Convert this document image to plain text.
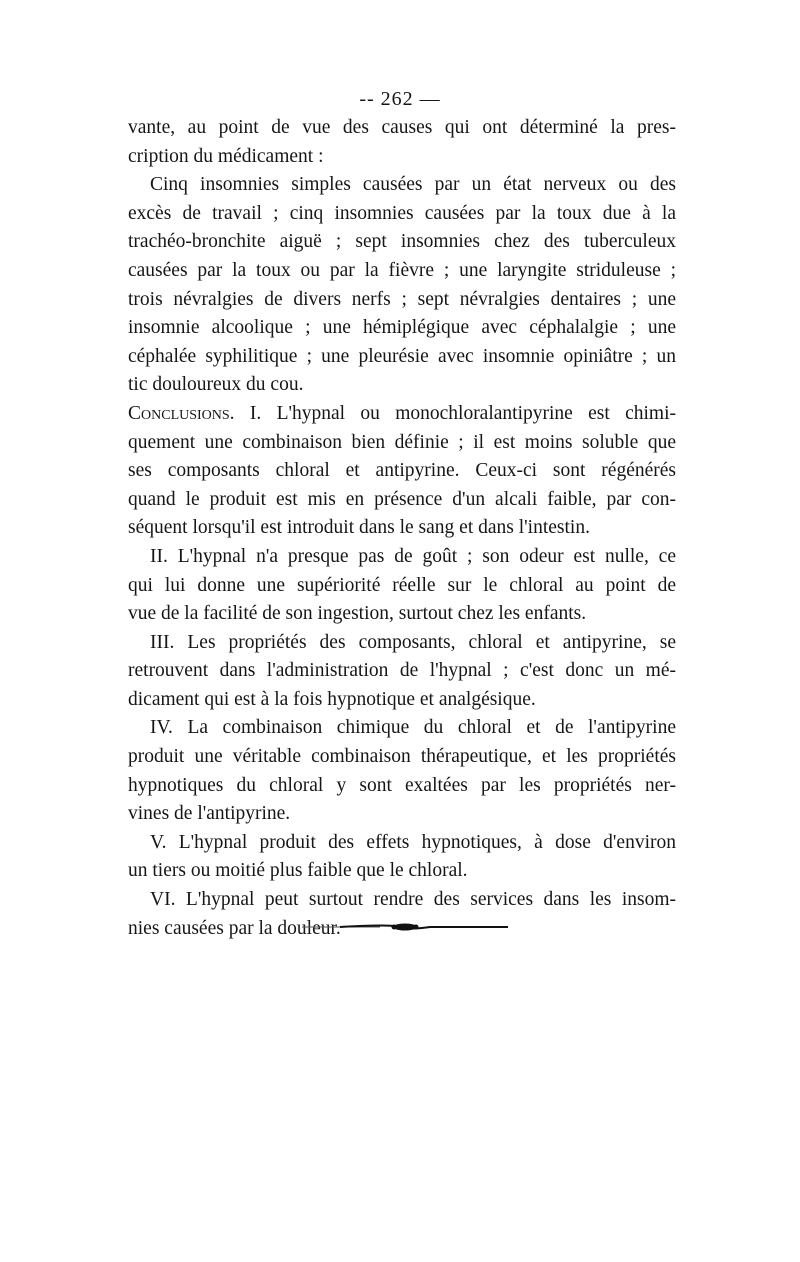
-- 262 —
vante, au point de vue des causes qui ont déterminé la pres-
cription du médicament :
Cinq insomnies simples causées par un état nerveux ou des
excès de travail ; cinq insomnies causées par la toux due à la
trachéo-bronchite aiguë ; sept insomnies chez des tuberculeux
causées par la toux ou par la fièvre ; une laryngite striduleuse ;
trois névralgies de divers nerfs ; sept névralgies dentaires ; une
insomnie alcoolique ; une hémiplégique avec céphalalgie ; une
céphalée syphilitique ; une pleurésie avec insomnie opiniâtre ; un
tic douloureux du cou.
Conclusions. I. L'hypnal ou monochloralantipyrine est chimi-
quement une combinaison bien définie ; il est moins soluble que
ses composants chloral et antipyrine. Ceux-ci sont régénérés
quand le produit est mis en présence d'un alcali faible, par con-
séquent lorsqu'il est introduit dans le sang et dans l'intestin.
II. L'hypnal n'a presque pas de goût ; son odeur est nulle, ce
qui lui donne une supériorité réelle sur le chloral au point de
vue de la facilité de son ingestion, surtout chez les enfants.
III. Les propriétés des composants, chloral et antipyrine, se
retrouvent dans l'administration de l'hypnal ; c'est donc un mé-
dicament qui est à la fois hypnotique et analgésique.
IV. La combinaison chimique du chloral et de l'antipyrine
produit une véritable combinaison thérapeutique, et les propriétés
hypnotiques du chloral y sont exaltées par les propriétés ner-
vines de l'antipyrine.
V. L'hypnal produit des effets hypnotiques, à dose d'environ
un tiers ou moitié plus faible que le chloral.
VI. L'hypnal peut surtout rendre des services dans les insom-
nies causées par la douleur.
